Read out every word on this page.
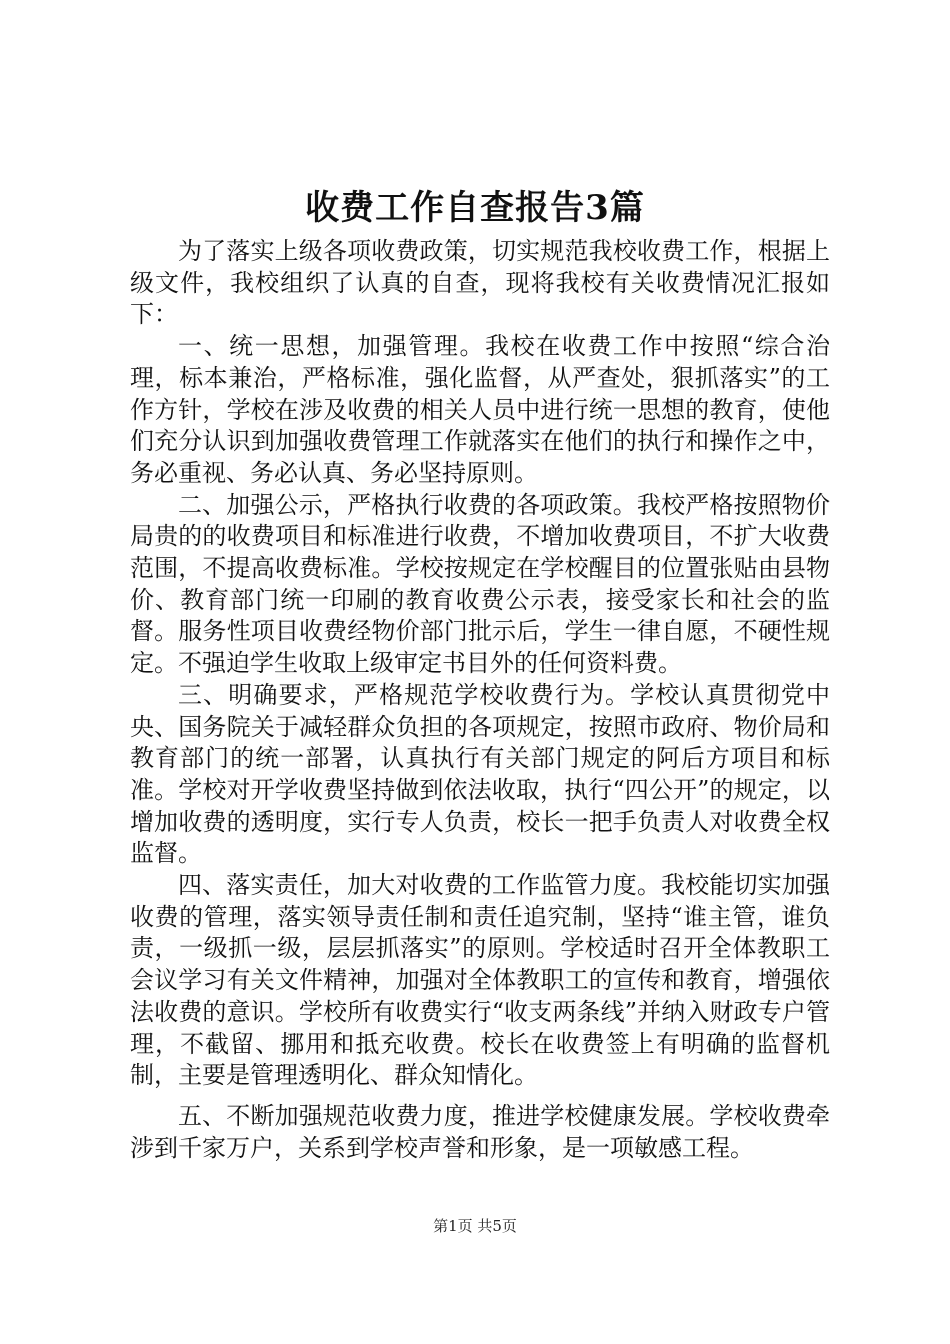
收费工作自查报告3篇

为了落实上级各项收费政策，切实规范我校收费工作，根据上级文件，我校组织了认真的自查，现将我校有关收费情况汇报如下：

一、统一思想，加强管理。我校在收费工作中按照“综合治理，标本兼治，严格标准，强化监督，从严查处，狠抓落实”的工作方针，学校在涉及收费的相关人员中进行统一思想的教育，使他们充分认识到加强收费管理工作就落实在他们的执行和操作之中，务必重视、务必认真、务必坚持原则。

二、加强公示，严格执行收费的各项政策。我校严格按照物价局贵的的收费项目和标准进行收费，不增加收费项目，不扩大收费范围，不提高收费标准。学校按规定在学校醒目的位置张贴由县物价、教育部门统一印刷的教育收费公示表，接受家长和社会的监督。服务性项目收费经物价部门批示后，学生一律自愿，不硬性规定。不强迫学生收取上级审定书目外的任何资料费。

三、明确要求，严格规范学校收费行为。学校认真贯彻党中央、国务院关于减轻群众负担的各项规定，按照市政府、物价局和教育部门的统一部署，认真执行有关部门规定的阿后方项目和标准。学校对开学收费坚持做到依法收取，执行“四公开”的规定，以增加收费的透明度，实行专人负责，校长一把手负责人对收费全权监督。

四、落实责任，加大对收费的工作监管力度。我校能切实加强收费的管理，落实领导责任制和责任追究制，坚持“谁主管，谁负责，一级抓一级，层层抓落实”的原则。学校适时召开全体教职工会议学习有关文件精神，加强对全体教职工的宣传和教育，增强依法收费的意识。学校所有收费实行“收支两条线”并纳入财政专户管理，不截留、挪用和抵充收费。校长在收费签上有明确的监督机制，主要是管理透明化、群众知情化。

五、不断加强规范收费力度，推进学校健康发展。学校收费牵涉到千家万户，关系到学校声誉和形象，是一项敏感工程。

第1页 共5页
